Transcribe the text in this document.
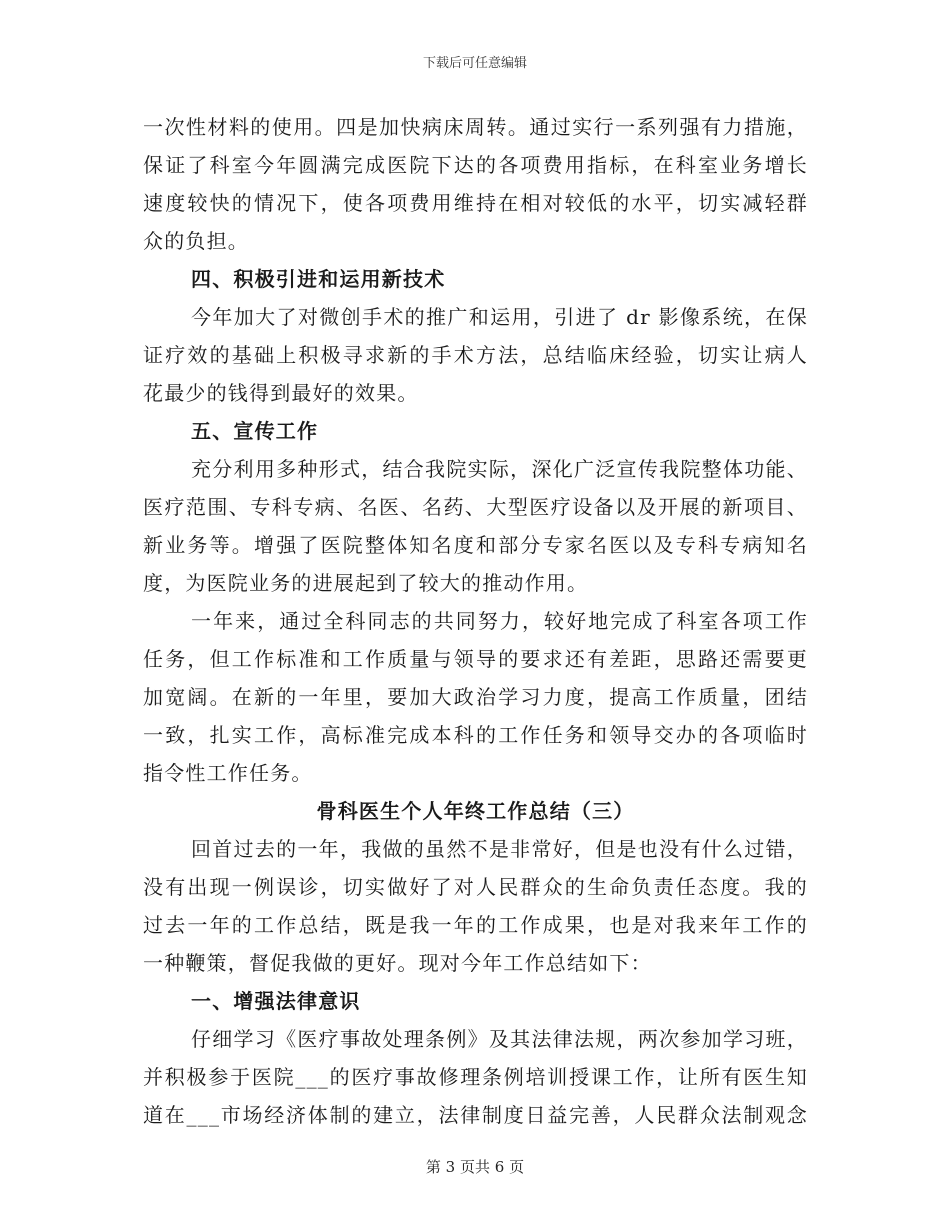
下载后可任意编辑
一次性材料的使用。四是加快病床周转。通过实行一系列强有力措施，
保证了科室今年圆满完成医院下达的各项费用指标，在科室业务增长
速度较快的情况下，使各项费用维持在相对较低的水平，切实减轻群
众的负担。
四、积极引进和运用新技术
今年加大了对微创手术的推广和运用，引进了 dr 影像系统，在保
证疗效的基础上积极寻求新的手术方法，总结临床经验，切实让病人
花最少的钱得到最好的效果。
五、宣传工作
充分利用多种形式，结合我院实际，深化广泛宣传我院整体功能、
医疗范围、专科专病、名医、名药、大型医疗设备以及开展的新项目、
新业务等。增强了医院整体知名度和部分专家名医以及专科专病知名
度，为医院业务的进展起到了较大的推动作用。
一年来，通过全科同志的共同努力，较好地完成了科室各项工作
任务，但工作标准和工作质量与领导的要求还有差距，思路还需要更
加宽阔。在新的一年里，要加大政治学习力度，提高工作质量，团结
一致，扎实工作，高标准完成本科的工作任务和领导交办的各项临时
指令性工作任务。
骨科医生个人年终工作总结（三）
回首过去的一年，我做的虽然不是非常好，但是也没有什么过错，
没有出现一例误诊，切实做好了对人民群众的生命负责任态度。我的
过去一年的工作总结，既是我一年的工作成果，也是对我来年工作的
一种鞭策，督促我做的更好。现对今年工作总结如下：
一、增强法律意识
仔细学习《医疗事故处理条例》及其法律法规，两次参加学习班，
并积极参于医院___的医疗事故修理条例培训授课工作，让所有医生知
道在___市场经济体制的建立，法律制度日益完善，人民群众法制观念
第 3 页共 6 页
